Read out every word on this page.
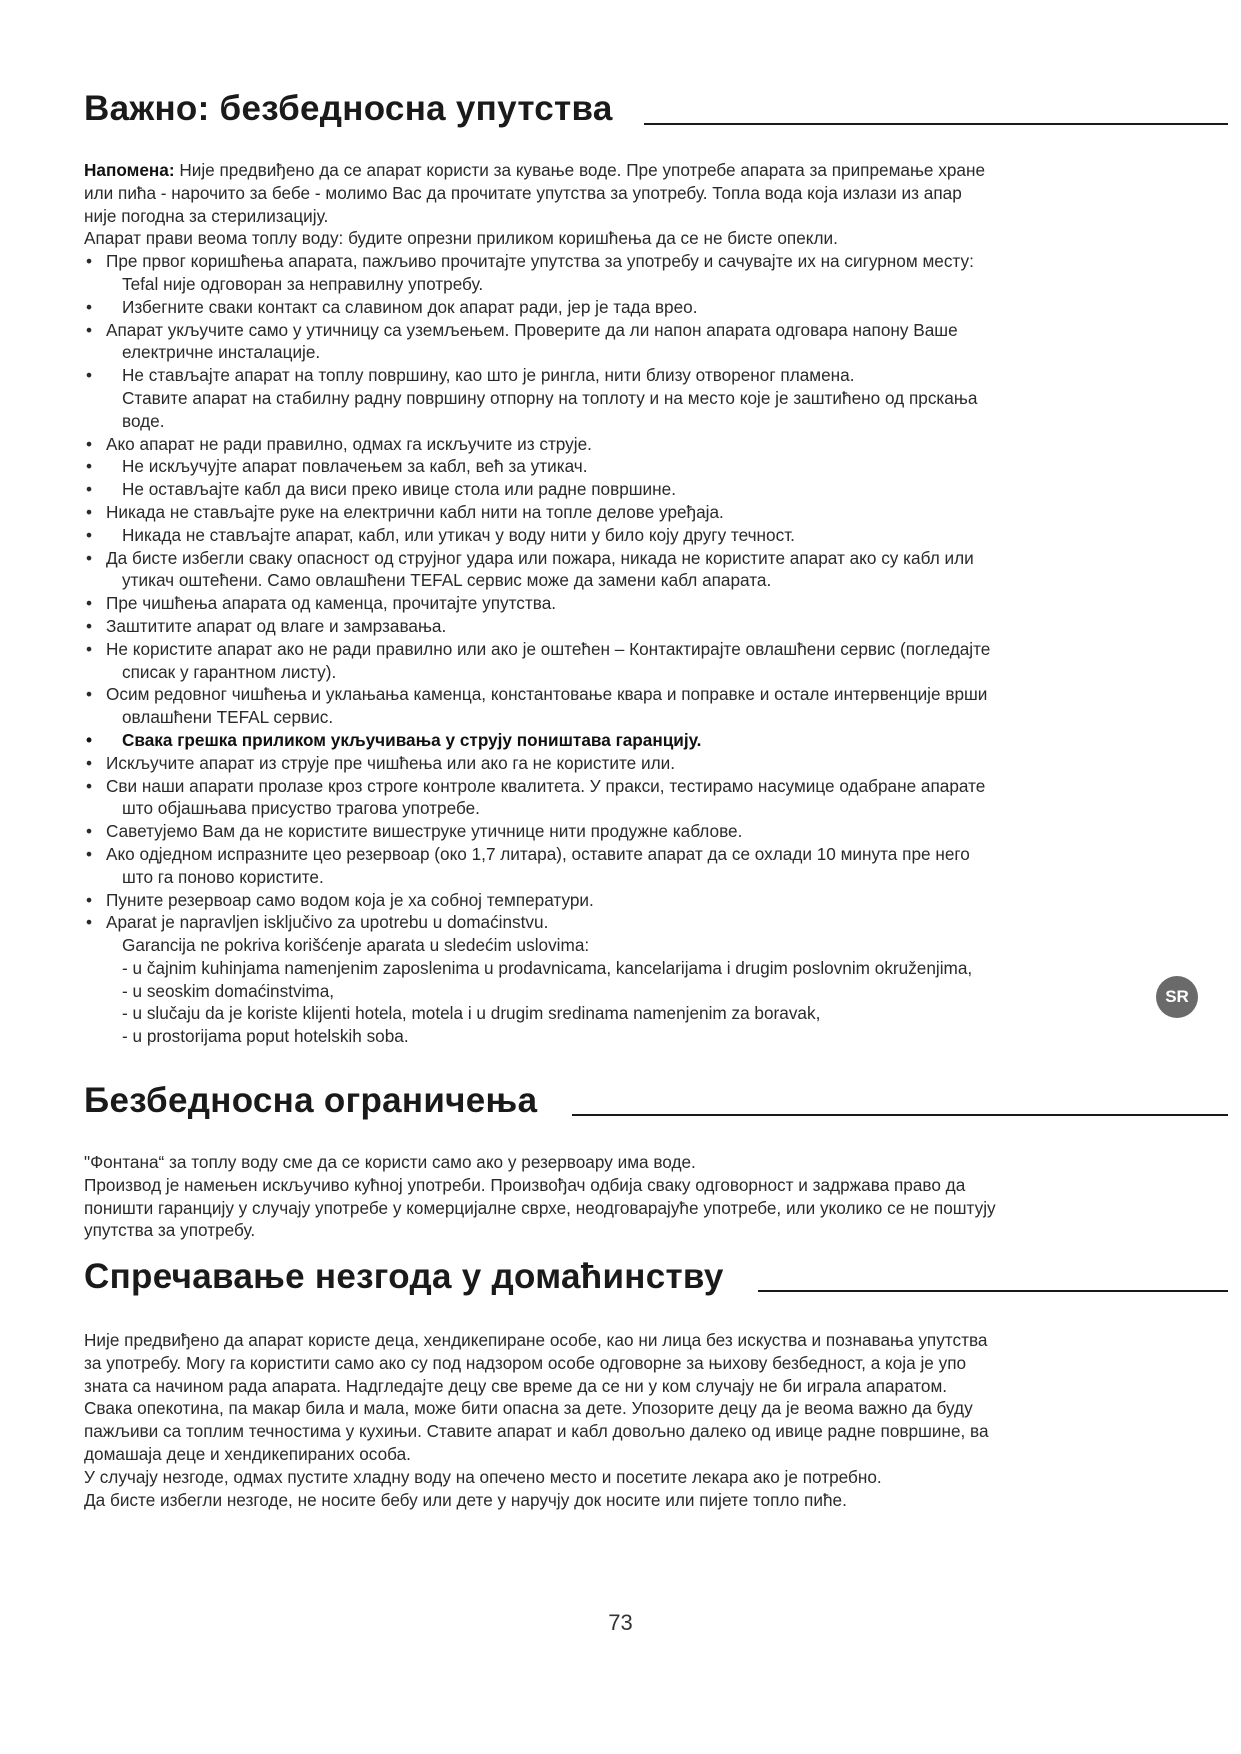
Важно: безбедносна упутства
Напомена: Није предвиђено да се апарат користи за кување воде. Пре употребе апарата за припремање хране
или пића - нарочито за бебе - молимо Вас да прочитате упутства за употребу. Топла вода која излази из апар
није погодна за стерилизацију.
Апарат прави веома топлу воду: будите опрезни приликом коришћења да се не бисте опекли.
• Пре првог коришћења апарата, пажљиво прочитајте упутства за употребу и сачувајте их на сигурном месту:
Tefal није одговоран за неправилну употребу.
• Избегните сваки контакт са славином док апарат ради, јер је тада врео.
• Апарат укључите само у утичницу са уземљењем. Проверите да ли напон апарата одговара напону Ваше
електричне инсталације.
• Не стављајте апарат на топлу површину, као што је рингла, нити близу отвореног пламена.
Ставите апарат на стабилну радну површину отпорну на топлоту и на место које је заштићено од прскања
воде.
• Ако апарат не ради правилно, одмах га искључите из струје.
• Не искључујте апарат повлачењем за кабл, већ за утикач.
• Не остављајте кабл да виси преко ивице стола или радне површине.
• Никада не стављајте руке на електрични кабл нити на топле делове уређаја.
• Никада не стављајте апарат, кабл, или утикач у воду нити у било коју другу течност.
• Да бисте избегли сваку опасност од струјног удара или пожара, никада не користите апарат ако су кабл или
утикач оштећени. Само овлашћени TEFAL сервис може да замени кабл апарата.
• Пре чишћења апарата од каменца, прочитајте упутства.
• Заштитите апарат од влаге и замрзавања.
• Не користите апарат ако не ради правилно или ако је оштећен – Контактирајте овлашћени сервис (погледајте
списак у гарантном листу).
• Осим редовног чишћења и уклањања каменца, константовање квара и поправке и остале интервенције врши
овлашћени TEFAL сервис.
• Свака грешка приликом укључивања у струју поништава гаранцију.
• Искључите апарат из струје пре чишћења или ако га не користите или.
• Сви наши апарати пролазе кроз строге контроле квалитета. У пракси, тестирамо насумице одабране апарате
што објашњава присуство трагова употребе.
• Саветујемо Вам да не користите вишеструке утичнице нити продужне каблове.
• Ако одједном испразните цео резервоар (око 1,7 литара), оставите апарат да се охлади 10 минута пре него
што га поново користите.
• Пуните резервоар само водом која је ха собној температури.
• Aparat je napravljen isključivo za upotrebu u domaćinstvu.
Garancija ne pokriva korišćenje aparata u sledećim uslovima:
- u čajnim kuhinjama namenjenim zaposlenima u prodavnicama, kancelarijama i drugim poslovnim okruženjima,
- u seoskim domaćinstvima,
- u slučaju da je koriste klijenti hotela, motela i u drugim sredinama namenjenim za boravak,
- u prostorijama poput hotelskih soba.
Безбедносна ограничења
"Фонтана“ за топлу воду сме да се користи само ако у резервоару има воде.
Производ је намењен искључиво кућној употреби. Произвођач одбија сваку одговорност и задржава право да
поништи гаранцију у случају употребе у комерцијалне сврхе, неодговарајуће употребе, или уколико се не поштују
упутства за употребу.
Спречавање незгода у домаћинству
Није предвиђено да апарат користе деца, хендикепиране особе, као ни лица без искуства и познавања упутства
за употребу. Могу га користити само ако су под надзором особе одговорне за њихову безбедност, а која је упо
зната са начином рада апарата. Надгледајте децу све време да се ни у ком случају не би играла апаратом.
Свака опекотина, па макар била и мала, може бити опасна за дете. Упозорите децу да је веома важно да буду
пажљиви са топлим течностима у кухињи. Ставите апарат и кабл довољно далеко од ивице радне површине, ва
домашаја деце и хендикепираних особа.
У случају незгоде, одмах пустите хладну воду на опечено место и посетите лекара ако је потребно.
Да бисте избегли незгоде, не носите бебу или дете у наручју док носите или пијете топло пиће.
SR
73
